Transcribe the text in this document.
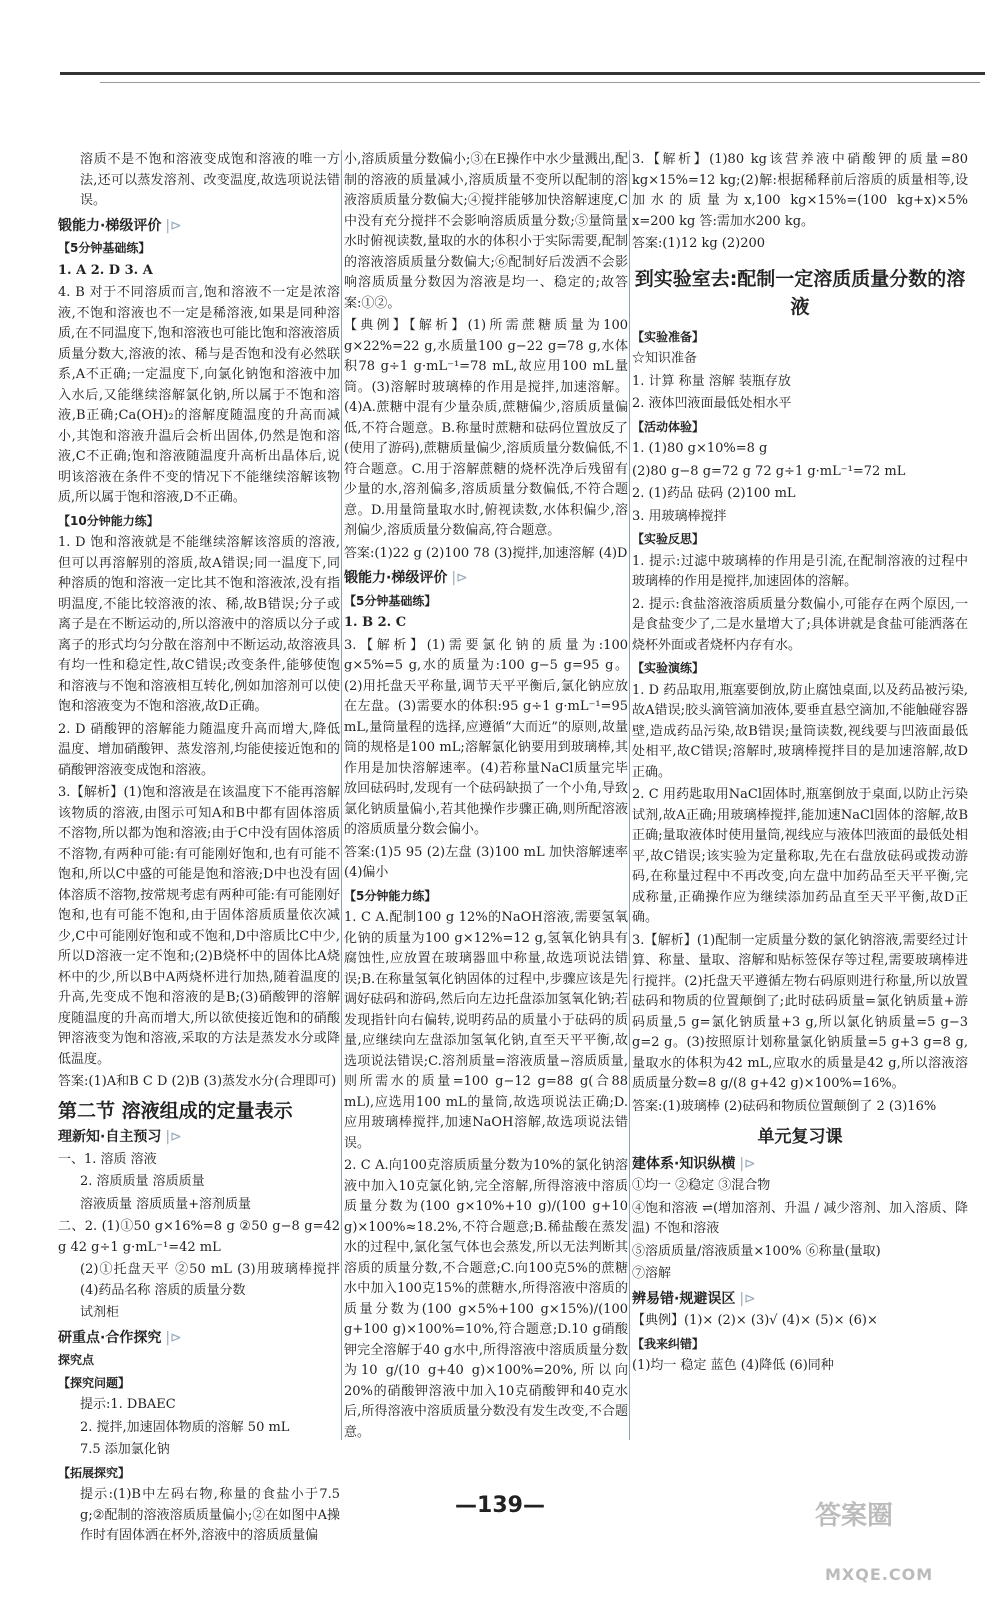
溶质不是不饱和溶液变成饱和溶液的唯一方法,还可以蒸发溶剂、改变温度,故选项说法错误。
锻能力·梯级评价 |⊳
【5分钟基础练】
1. A 2. D 3. A
4. B 对于不同溶质而言,饱和溶液不一定是浓溶液,不饱和溶液也不一定是稀溶液,如果是同种溶质,在不同温度下,饱和溶液也可能比饱和溶液溶质质量分数大,溶液的浓、稀与是否饱和没有必然联系,A不正确;一定温度下,向氯化钠饱和溶液中加入水后,又能继续溶解氯化钠,所以属于不饱和溶液,B正确;Ca(OH)₂的溶解度随温度的升高而减小,其饱和溶液升温后会析出固体,仍然是饱和溶液,C不正确;饱和溶液随温度升高析出晶体后,说明该溶液在条件不变的情况下不能继续溶解该物质,所以属于饱和溶液,D不正确。
【10分钟能力练】
1. D 饱和溶液就是不能继续溶解该溶质的溶液,但可以再溶解别的溶质,故A错误;同一温度下,同种溶质的饱和溶液一定比其不饱和溶液浓,没有指明温度,不能比较溶液的浓、稀,故B错误;分子或离子是在不断运动的,所以溶液中的溶质以分子或离子的形式均匀分散在溶剂中不断运动,故溶液具有均一性和稳定性,故C错误;改变条件,能够使饱和溶液与不饱和溶液相互转化,例如加溶剂可以使饱和溶液变为不饱和溶液,故D正确。
2. D 硝酸钾的溶解能力随温度升高而增大,降低温度、增加硝酸钾、蒸发溶剂,均能使接近饱和的硝酸钾溶液变成饱和溶液。
3.【解析】(1)饱和溶液是在该温度下不能再溶解该物质的溶液,由图示可知A和B中都有固体溶质不溶物,所以都为饱和溶液;由于C中没有固体溶质不溶物,有两种可能:有可能刚好饱和,也有可能不饱和,所以C中盛的可能是饱和溶液;D中也没有固体溶质不溶物,按常规考虑有两种可能:有可能刚好饱和,也有可能不饱和,由于固体溶质质量依次减少,C中可能刚好饱和或不饱和,D中溶质比C中少,所以D溶液一定不饱和;(2)B烧杯中的固体比A烧杯中的少,所以B中A两烧杯进行加热,随着温度的升高,先变成不饱和溶液的是B;(3)硝酸钾的溶解度随温度的升高而增大,所以欲使接近饱和的硝酸钾溶液变为饱和溶液,采取的方法是蒸发水分或降低温度。
答案:(1)A和B C D (2)B (3)蒸发水分(合理即可)
第二节 溶液组成的定量表示
理新知·自主预习 |⊳
一、1. 溶质 溶液
2. 溶质质量 溶质质量
溶液质量 溶质质量+溶剂质量
二、2. (1)①50 g×16%=8 g ②50 g−8 g=42 g 42 g÷1 g·mL⁻¹=42 mL
(2)①托盘天平 ②50 mL (3)用玻璃棒搅拌 (4)药品名称 溶质的质量分数
试剂柜
研重点·合作探究 |⊳
探究点
【探究问题】
提示:1. DBAEC
2. 搅拌,加速固体物质的溶解 50 mL
7.5 添加氯化钠
【拓展探究】
提示:(1)B中左码右物,称量的食盐小于7.5 g;②配制的溶液溶质质量偏小;②在如图中A操作时有固体洒在杯外,溶液中的溶质质量偏
小,溶质质量分数偏小;③在E操作中水少量溅出,配制的溶液的质量减小,溶质质量不变所以配制的溶液溶质质量分数偏大;④搅拌能够加快溶解速度,C中没有充分搅拌不会影响溶质质量分数;⑤量筒量水时俯视读数,量取的水的体积小于实际需要,配制的溶液溶质质量分数偏大;⑥配制好后泼洒不会影响溶质质量分数因为溶液是均一、稳定的;故答案:①②。
【典例】【解析】(1)所需蔗糖质量为100 g×22%=22 g,水质量100 g−22 g=78 g,水体积78 g÷1 g·mL⁻¹=78 mL,故应用100 mL量筒。(3)溶解时玻璃棒的作用是搅拌,加速溶解。(4)A.蔗糖中混有少量杂质,蔗糖偏少,溶质质量偏低,不符合题意。B.称量时蔗糖和砝码位置放反了(使用了游码),蔗糖质量偏少,溶质质量分数偏低,不符合题意。C.用于溶解蔗糖的烧杯洗净后残留有少量的水,溶剂偏多,溶质质量分数偏低,不符合题意。D.用量筒量取水时,俯视读数,水体积偏少,溶剂偏少,溶质质量分数偏高,符合题意。
答案:(1)22 g (2)100 78 (3)搅拌,加速溶解 (4)D
锻能力·梯级评价 |⊳
【5分钟基础练】
1. B 2. C
3.【解析】(1)需要氯化钠的质量为:100 g×5%=5 g,水的质量为:100 g−5 g=95 g。(2)用托盘天平称量,调节天平平衡后,氯化钠应放在左盘。(3)需要水的体积:95 g÷1 g·mL⁻¹=95 mL,量筒量程的选择,应遵循“大而近”的原则,故量筒的规格是100 mL;溶解氯化钠要用到玻璃棒,其作用是加快溶解速率。(4)若称量NaCl质量完毕放回砝码时,发现有一个砝码缺损了一个小角,导致氯化钠质量偏小,若其他操作步骤正确,则所配溶液的溶质质量分数会偏小。
答案:(1)5 95 (2)左盘 (3)100 mL 加快溶解速率 (4)偏小
【5分钟能力练】
1. C A.配制100 g 12%的NaOH溶液,需要氢氧化钠的质量为100 g×12%=12 g,氢氧化钠具有腐蚀性,应放置在玻璃器皿中称量,故选项说法错误;B.在称量氢氧化钠固体的过程中,步骤应该是先调好砝码和游码,然后向左边托盘添加氢氧化钠;若发现指针向右偏转,说明药品的质量小于砝码的质量,应继续向左盘添加氢氧化钠,直至天平平衡,故选项说法错误;C.溶剂质量=溶液质量−溶质质量,则所需水的质量=100 g−12 g=88 g(合88 mL),应选用100 mL的量筒,故选项说法正确;D.应用玻璃棒搅拌,加速NaOH溶解,故选项说法错误。
2. C A.向100克溶质质量分数为10%的氯化钠溶液中加入10克氯化钠,完全溶解,所得溶液中溶质质量分数为(100 g×10%+10 g)/(100 g+10 g)×100%≈18.2%,不符合题意;B.稀盐酸在蒸发水的过程中,氯化氢气体也会蒸发,所以无法判断其溶质的质量分数,不合题意;C.向100克5%的蔗糖水中加入100克15%的蔗糖水,所得溶液中溶质的质量分数为(100 g×5%+100 g×15%)/(100 g+100 g)×100%=10%,符合题意;D.10 g硝酸钾完全溶解于40 g水中,所得溶液中溶质质量分数为10 g/(10 g+40 g)×100%=20%,所以向20%的硝酸钾溶液中加入10克硝酸钾和40克水后,所得溶液中溶质质量分数没有发生改变,不合题意。
3.【解析】(1)80 kg该营养液中硝酸钾的质量=80 kg×15%=12 kg;(2)解:根据稀释前后溶质的质量相等,设加水的质量为x,100 kg×15%=(100 kg+x)×5% x=200 kg 答:需加水200 kg。
答案:(1)12 kg (2)200
到实验室去:配制一定溶质质量分数的溶液
【实验准备】
☆知识准备
1. 计算 称量 溶解 装瓶存放
2. 液体凹液面最低处相水平
【活动体验】
1. (1)80 g×10%=8 g
(2)80 g−8 g=72 g 72 g÷1 g·mL⁻¹=72 mL
2. (1)药品 砝码 (2)100 mL
3. 用玻璃棒搅拌
【实验反思】
1. 提示:过滤中玻璃棒的作用是引流,在配制溶液的过程中玻璃棒的作用是搅拌,加速固体的溶解。
2. 提示:食盐溶液溶质质量分数偏小,可能存在两个原因,一是食盐变少了,二是水量增大了;具体讲就是食盐可能洒落在烧杯外面或者烧杯内存有水。
【实验演练】
1. D 药品取用,瓶塞要倒放,防止腐蚀桌面,以及药品被污染,故A错误;胶头滴管滴加液体,要垂直悬空滴加,不能触碰容器壁,造成药品污染,故B错误;量筒读数,视线要与凹液面最低处相平,故C错误;溶解时,玻璃棒搅拌目的是加速溶解,故D正确。
2. C 用药匙取用NaCl固体时,瓶塞倒放于桌面,以防止污染试剂,故A正确;用玻璃棒搅拌,能加速NaCl固体的溶解,故B正确;量取液体时使用量筒,视线应与液体凹液面的最低处相平,故C错误;该实验为定量称取,先在右盘放砝码或拨动游码,在称量过程中不再改变,向左盘中加药品至天平平衡,完成称量,正确操作应为继续添加药品直至天平平衡,故D正确。
3.【解析】(1)配制一定质量分数的氯化钠溶液,需要经过计算、称量、量取、溶解和贴标签保存等过程,需要玻璃棒进行搅拌。(2)托盘天平遵循左物右码原则进行称量,所以放置砝码和物质的位置颠倒了;此时砝码质量=氯化钠质量+游码质量,5 g=氯化钠质量+3 g,所以氯化钠质量=5 g−3 g=2 g。(3)按照原计划称量氯化钠质量=5 g+3 g=8 g,量取水的体积为42 mL,应取水的质量是42 g,所以溶液溶质质量分数=8 g/(8 g+42 g)×100%=16%。
答案:(1)玻璃棒 (2)砝码和物质位置颠倒了 2 (3)16%
单元复习课
建体系·知识纵横 |⊳
①均一 ②稳定 ③混合物
④饱和溶液 ⇌(增加溶剂、升温 / 减少溶剂、加入溶质、降温) 不饱和溶液
⑤溶质质量/溶液质量×100% ⑥称量(量取)
⑦溶解
辨易错·规避误区 |⊳
【典例】(1)× (2)× (3)√ (4)× (5)× (6)×
【我来纠错】
(1)均一 稳定 蓝色 (4)降低 (6)同种
—139—	答案圈
MXQE.COM
